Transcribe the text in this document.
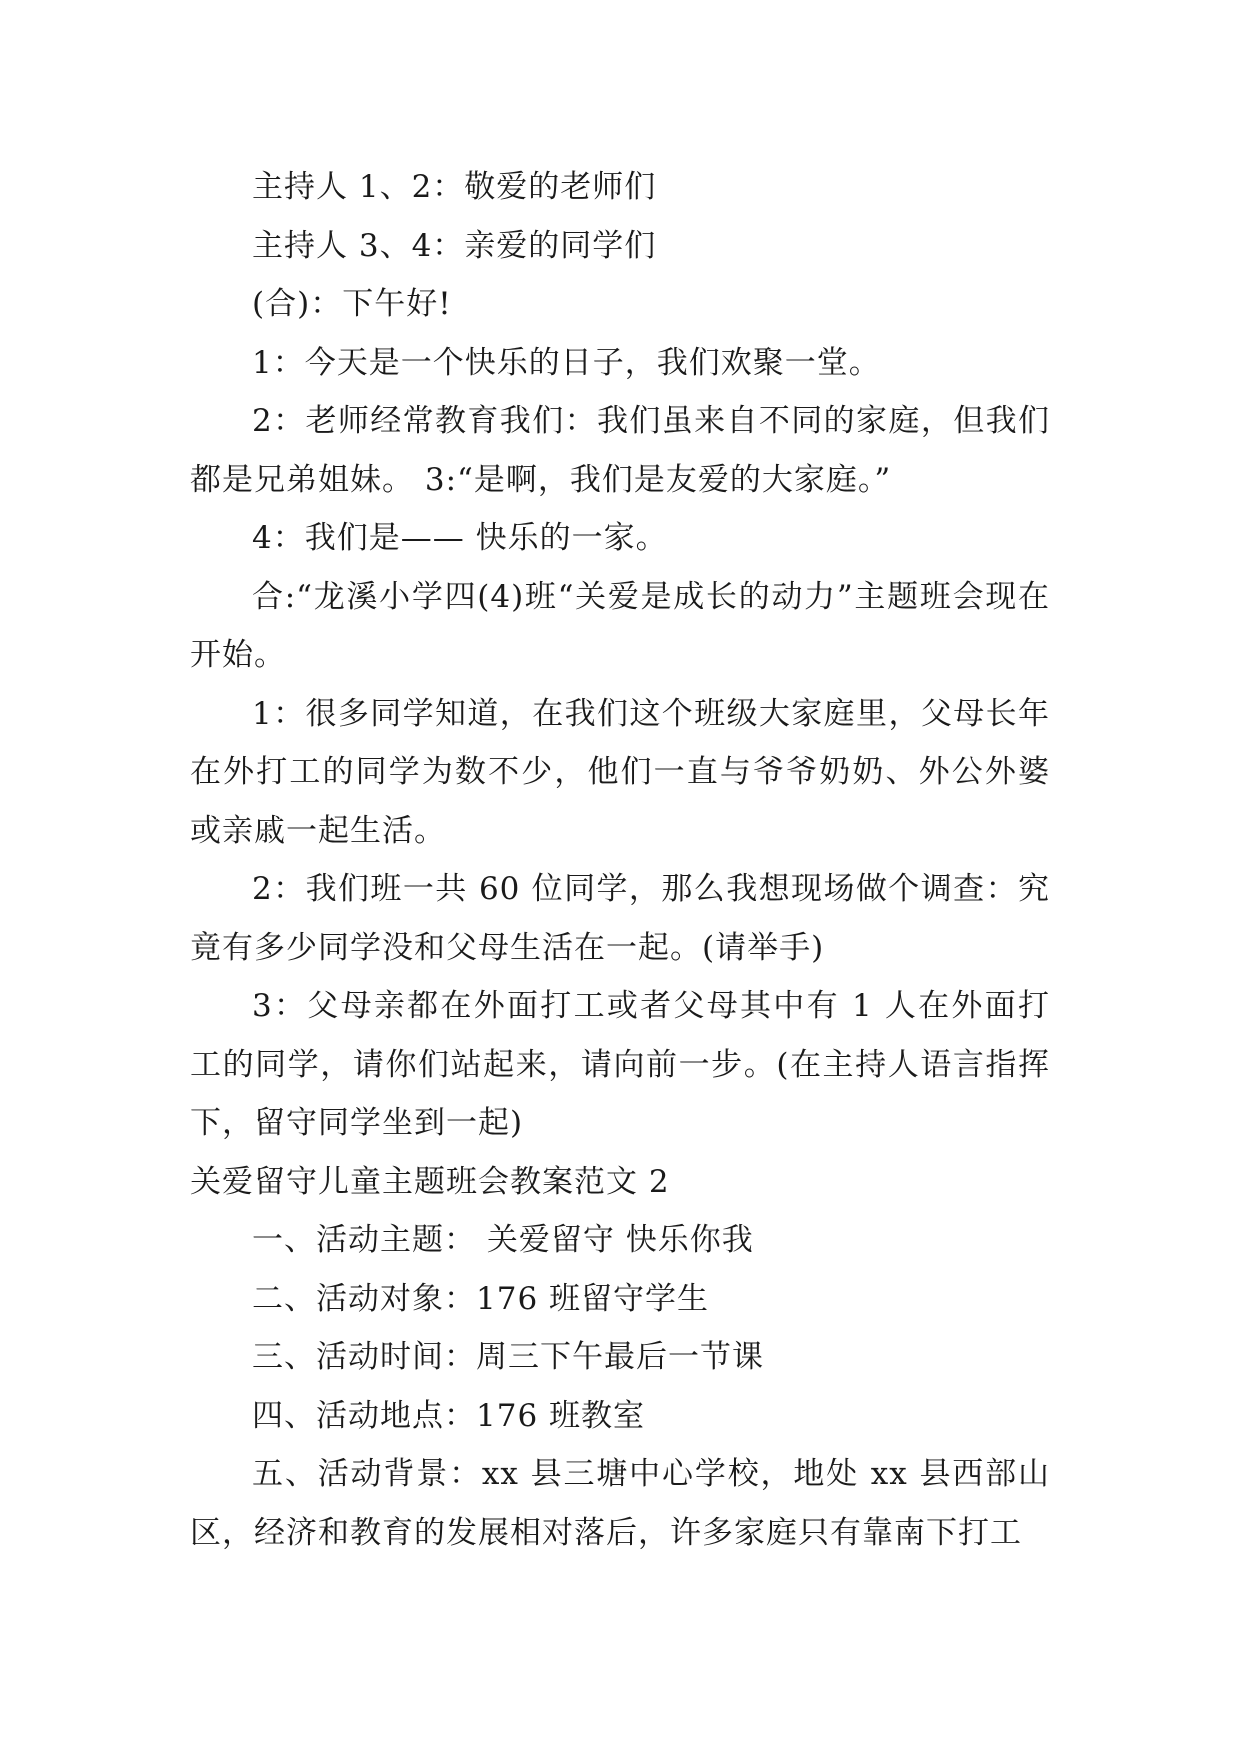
主持人 1、2：敬爱的老师们

主持人 3、4：亲爱的同学们

(合)：下午好!

1：今天是一个快乐的日子，我们欢聚一堂。

2：老师经常教育我们：我们虽来自不同的家庭，但我们都是兄弟姐妹。 3:“是啊，我们是友爱的大家庭。”

4：我们是—— 快乐的一家。

合:“龙溪小学四(4)班“关爱是成长的动力”主题班会现在开始。

1：很多同学知道，在我们这个班级大家庭里，父母长年在外打工的同学为数不少，他们一直与爷爷奶奶、外公外婆或亲戚一起生活。

2：我们班一共 60 位同学，那么我想现场做个调查：究竟有多少同学没和父母生活在一起。(请举手)

3：父母亲都在外面打工或者父母其中有 1 人在外面打工的同学，请你们站起来，请向前一步。(在主持人语言指挥下，留守同学坐到一起)

关爱留守儿童主题班会教案范文 2

一、活动主题： 关爱留守 快乐你我

二、活动对象：176 班留守学生

三、活动时间：周三下午最后一节课

四、活动地点：176 班教室

五、活动背景：xx 县三塘中心学校，地处 xx 县西部山区，经济和教育的发展相对落后，许多家庭只有靠南下打工
